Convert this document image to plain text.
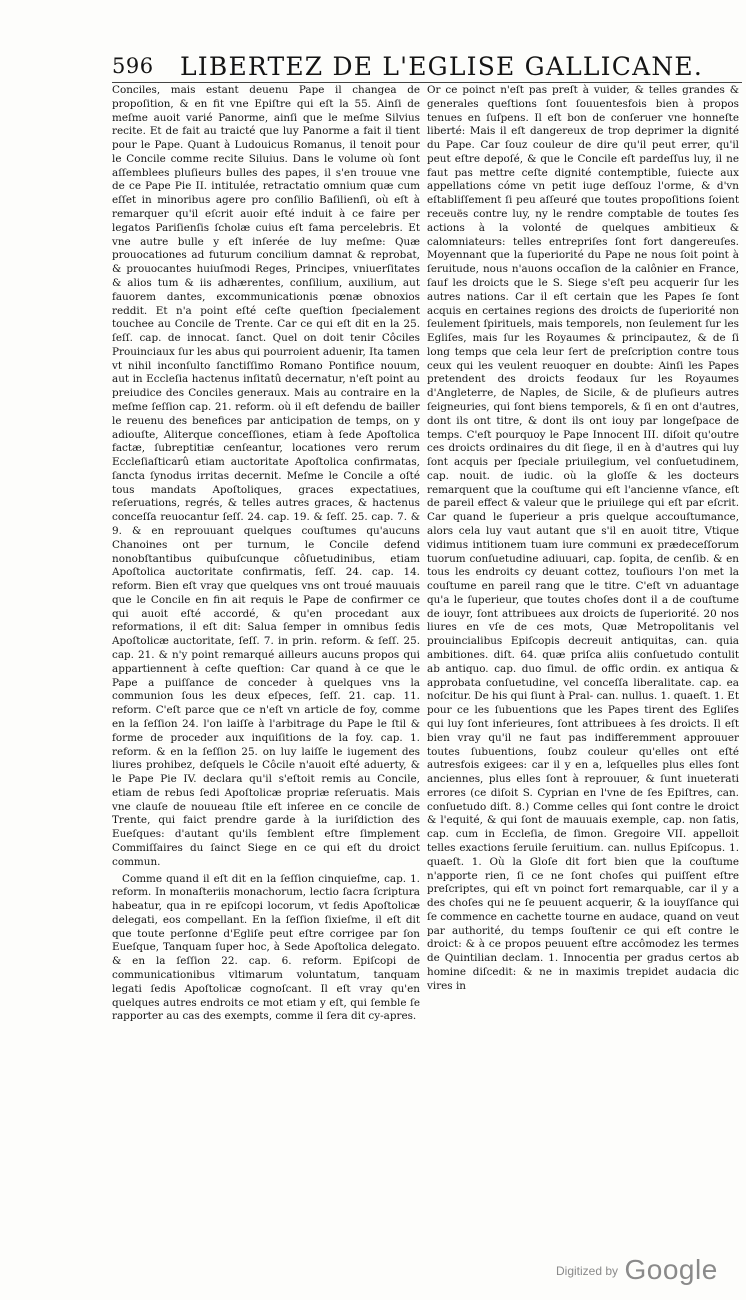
596 LIBERTEZ DE L'EGLISE GALLICANE.

Conciles, mais estant deuenu Pape il changea de propoſition, & en fit vne Epiſtre qui eſt la 55. Ainſi de meſme auoit varié Panorme, ainſi que le meſme Silvius recite. Et de fait au traicté que luy Panorme a fait il tient pour le Pape. Quant à Ludouicus Romanus, il tenoit pour le Concile comme recite Siluius. Dans le volume où ſont aſſemblees pluſieurs bulles des papes, il s'en trouue vne de ce Pape Pie II. intitulée, retractatio omnium quæ cum eſſet in minoribus agere pro conſilio Baſilienſi, où eſt à remarquer qu'il eſcrit auoir eſté induit à ce faire per legatos Pariſienſis ſcholæ cuius eſt fama percelebris. Et vne autre bulle y eſt inſerée de luy meſme: Quæ prouocationes ad futurum concilium damnat & reprobat, & prouocantes huiuſmodi Reges, Principes, vniuerſitates & alios tum & iis adhærentes, conſilium, auxilium, aut fauorem dantes, excommunicationis pœnæ obnoxios reddit. Et n'a point eſté ceſte queſtion ſpecialement touchee au Concile de Trente. Car ce qui eſt dit en la 25. ſeſſ. cap. de innocat. ſanct. Quel on doit tenir Côciles Prouinciaux ſur les abus qui pourroient aduenir, Ita tamen vt nihil inconſulto ſanctiſſimo Romano Pontifice nouum, aut in Eccleſia hactenus inſitatû decernatur, n'eſt point au preiudice des Conciles generaux. Mais au contraire en la meſme ſeſſion cap. 21. reform. où il eſt defendu de bailler le reuenu des benefices par anticipation de temps, on y adiouſte, Aliterque conceſſiones, etiam à ſede Apoſtolica factæ, ſubreptitiæ cenſeantur, locationes vero rerum Eccleſiaſticarû etiam auctoritate Apoſtolica confirmatas, ſancta ſynodus irritas decernit. Meſme le Concile a oſté tous mandats Apoſtoliques, graces expectatiues, reſeruations, regrés, & telles autres graces, & hactenus conceſſa reuocantur ſeſſ. 24. cap. 19. & ſeſſ. 25. cap. 7. & 9. & en reprouuant quelques couſtumes qu'aucuns Chanoines ont per turnum, le Concile defend nonobſtantibus quibuſcunque côſuetudinibus, etiam Apoſtolica auctoritate confirmatis, ſeſſ. 24. cap. 14. reform. Bien eſt vray que quelques vns ont troué mauuais que le Concile en fin ait requis le Pape de confirmer ce qui auoit eſté accordé, & qu'en procedant aux reformations, il eſt dit: Salua ſemper in omnibus ſedis Apoſtolicæ auctoritate, ſeſſ. 7. in prin. reform. & ſeſſ. 25. cap. 21. & n'y point remarqué ailleurs aucuns propos qui appartiennent à ceſte queſtion: Car quand à ce que le Pape a puiſſance de conceder à quelques vns la communion ſous les deux eſpeces, ſeſſ. 21. cap. 11. reform. C'eſt parce que ce n'eſt vn article de foy, comme en la ſeſſion 24. l'on laiſſe à l'arbitrage du Pape le ſtil & forme de proceder aux inquiſitions de la foy. cap. 1. reform. & en la ſeſſion 25. on luy laiſſe le iugement des liures prohibez, deſquels le Côcile n'auoit eſté aduerty, & le Pape Pie IV. declara qu'il s'eſtoit remis au Concile, etiam de rebus ſedi Apoſtolicæ propriæ reſeruatis. Mais vne clauſe de nouueau ſtile eſt inſeree en ce concile de Trente, qui faict prendre garde à la iuriſdiction des Eueſques: d'autant qu'ils ſemblent eſtre ſimplement Commiſſaires du ſainct Siege en ce qui eſt du droict commun.

Comme quand il eſt dit en la ſeſſion cinquieſme, cap. 1. reform. In monaſteriis monachorum, lectio ſacra ſcriptura habeatur, qua in re epiſcopi locorum, vt ſedis Apoſtolicæ delegati, eos compellant. En la ſeſſion ſixieſme, il eſt dit que toute perſonne d'Egliſe peut eſtre corrigee par ſon Eueſque, Tanquam ſuper hoc, à Sede Apoſtolica delegato. & en la ſeſſion 22. cap. 6. reform. Epiſcopi de communicationibus vltimarum voluntatum, tanquam legati ſedis Apoſtolicæ cognoſcant. Il eſt vray qu'en quelques autres endroits ce mot etiam y eſt, qui ſemble ſe rapporter au cas des exempts, comme il ſera dit cy-apres.

Or ce poinct n'eſt pas preſt à vuider, & telles grandes & generales queſtions ſont ſouuentesfois bien à propos tenues en ſuſpens. Il eſt bon de conſeruer vne honneſte liberté: Mais il eſt dangereux de trop deprimer la dignité du Pape. Car ſouz couleur de dire qu'il peut errer, qu'il peut eſtre depoſé, & que le Concile eſt pardeſſus luy, il ne faut pas mettre ceſte dignité contemptible, ſuiecte aux appellations cóme vn petit iuge deſſouz l'orme, & d'vn eſtabliſſement ſi peu aſſeuré que toutes propoſitions ſoient receuës contre luy, ny le rendre comptable de toutes ſes actions à la volonté de quelques ambitieux & calomniateurs: telles entrepriſes ſont fort dangereuſes. Moyennant que la ſuperiorité du Pape ne nous ſoit point à ſeruitude, nous n'auons occaſion de la calônier en France, ſauf les droicts que le S. Siege s'eſt peu acquerir ſur les autres nations. Car il eſt certain que les Papes ſe ſont acquis en certaines regions des droicts de ſuperiorité non ſeulement ſpirituels, mais temporels, non ſeulement ſur les Egliſes, mais ſur les Royaumes & principautez, & de ſi long temps que cela leur ſert de preſcription contre tous ceux qui les veulent reuoquer en doubte: Ainſi les Papes pretendent des droicts feodaux ſur les Royaumes d'Angleterre, de Naples, de Sicile, & de pluſieurs autres ſeigneuries, qui ſont biens temporels, & ſi en ont d'autres, dont ils ont titre, & dont ils ont iouy par longeſpace de temps. C'eſt pourquoy le Pape Innocent III. diſoit qu'outre ces droicts ordinaires du dit ſiege, il en à d'autres qui luy ſont acquis per ſpeciale priuilegium, vel conſuetudinem, cap. nouit. de iudic. où la gloſſe & les docteurs remarquent que la couſtume qui eſt l'ancienne vſance, eſt de pareil effect & valeur que le priuilege qui eſt par eſcrit. Car quand le ſuperieur a pris quelque accouſtumance, alors cela luy vaut autant que s'il en auoit titre, Vtique vidimus intitionem tuam iure communi ex prædeceſſorum tuorum conſuetudine adiuuari, cap. ſopita, de cenſib. & en tous les endroits cy deuant cottez, touſiours l'on met la couſtume en pareil rang que le titre. C'eſt vn aduantage qu'a le ſuperieur, que toutes choſes dont il a de couſtume de iouyr, ſont attribuees aux droicts de ſuperiorité. 20 nos liures en vſe de ces mots, Quæ Metropolitanis vel prouincialibus Epiſcopis decreuit antiquitas, can. quia ambitiones. diſt. 64. quæ priſca aliis conſuetudo contulit ab antiquo. cap. duo ſimul. de offic ordin. ex antiqua & approbata conſuetudine, vel conceſſa liberalitate. cap. ea noſcitur. De his qui ſiunt à Pral- can. nullus. 1. quaeſt. 1. Et pour ce les ſubuentions que les Papes tirent des Egliſes qui luy ſont inferieures, ſont attribuees à ſes droicts. Il eſt bien vray qu'il ne faut pas indifferemment approuuer toutes ſubuentions, ſoubz couleur qu'elles ont eſté autresfois exigees: car il y en a, leſquelles plus elles ſont anciennes, plus elles ſont à reprouuer, & ſunt inueterati errores (ce diſoit S. Cyprian en l'vne de ſes Epiſtres, can. conſuetudo diſt. 8.) Comme celles qui ſont contre le droict & l'equité, & qui ſont de mauuais exemple, cap. non ſatis, cap. cum in Eccleſia, de ſimon. Gregoire VII. appelloit telles exactions ſeruile ſeruitium. can. nullus Epiſcopus. 1. quaeſt. 1. Où la Gloſe dit fort bien que la couſtume n'apporte rien, ſi ce ne ſont choſes qui puiſſent eſtre preſcriptes, qui eſt vn poinct fort remarquable, car il y a des choſes qui ne ſe peuuent acquerir, & la iouyſſance qui ſe commence en cachette tourne en audace, quand on veut par authorité, du temps ſouſtenir ce qui eſt contre le droict: & à ce propos peuuent eſtre accômodez les termes de Quintilian declam. 1. Innocentia per gradus certos ab homine diſcedit: & ne in maximis trepidet audacia dic vires in

$^{Digitized by}$ Google
